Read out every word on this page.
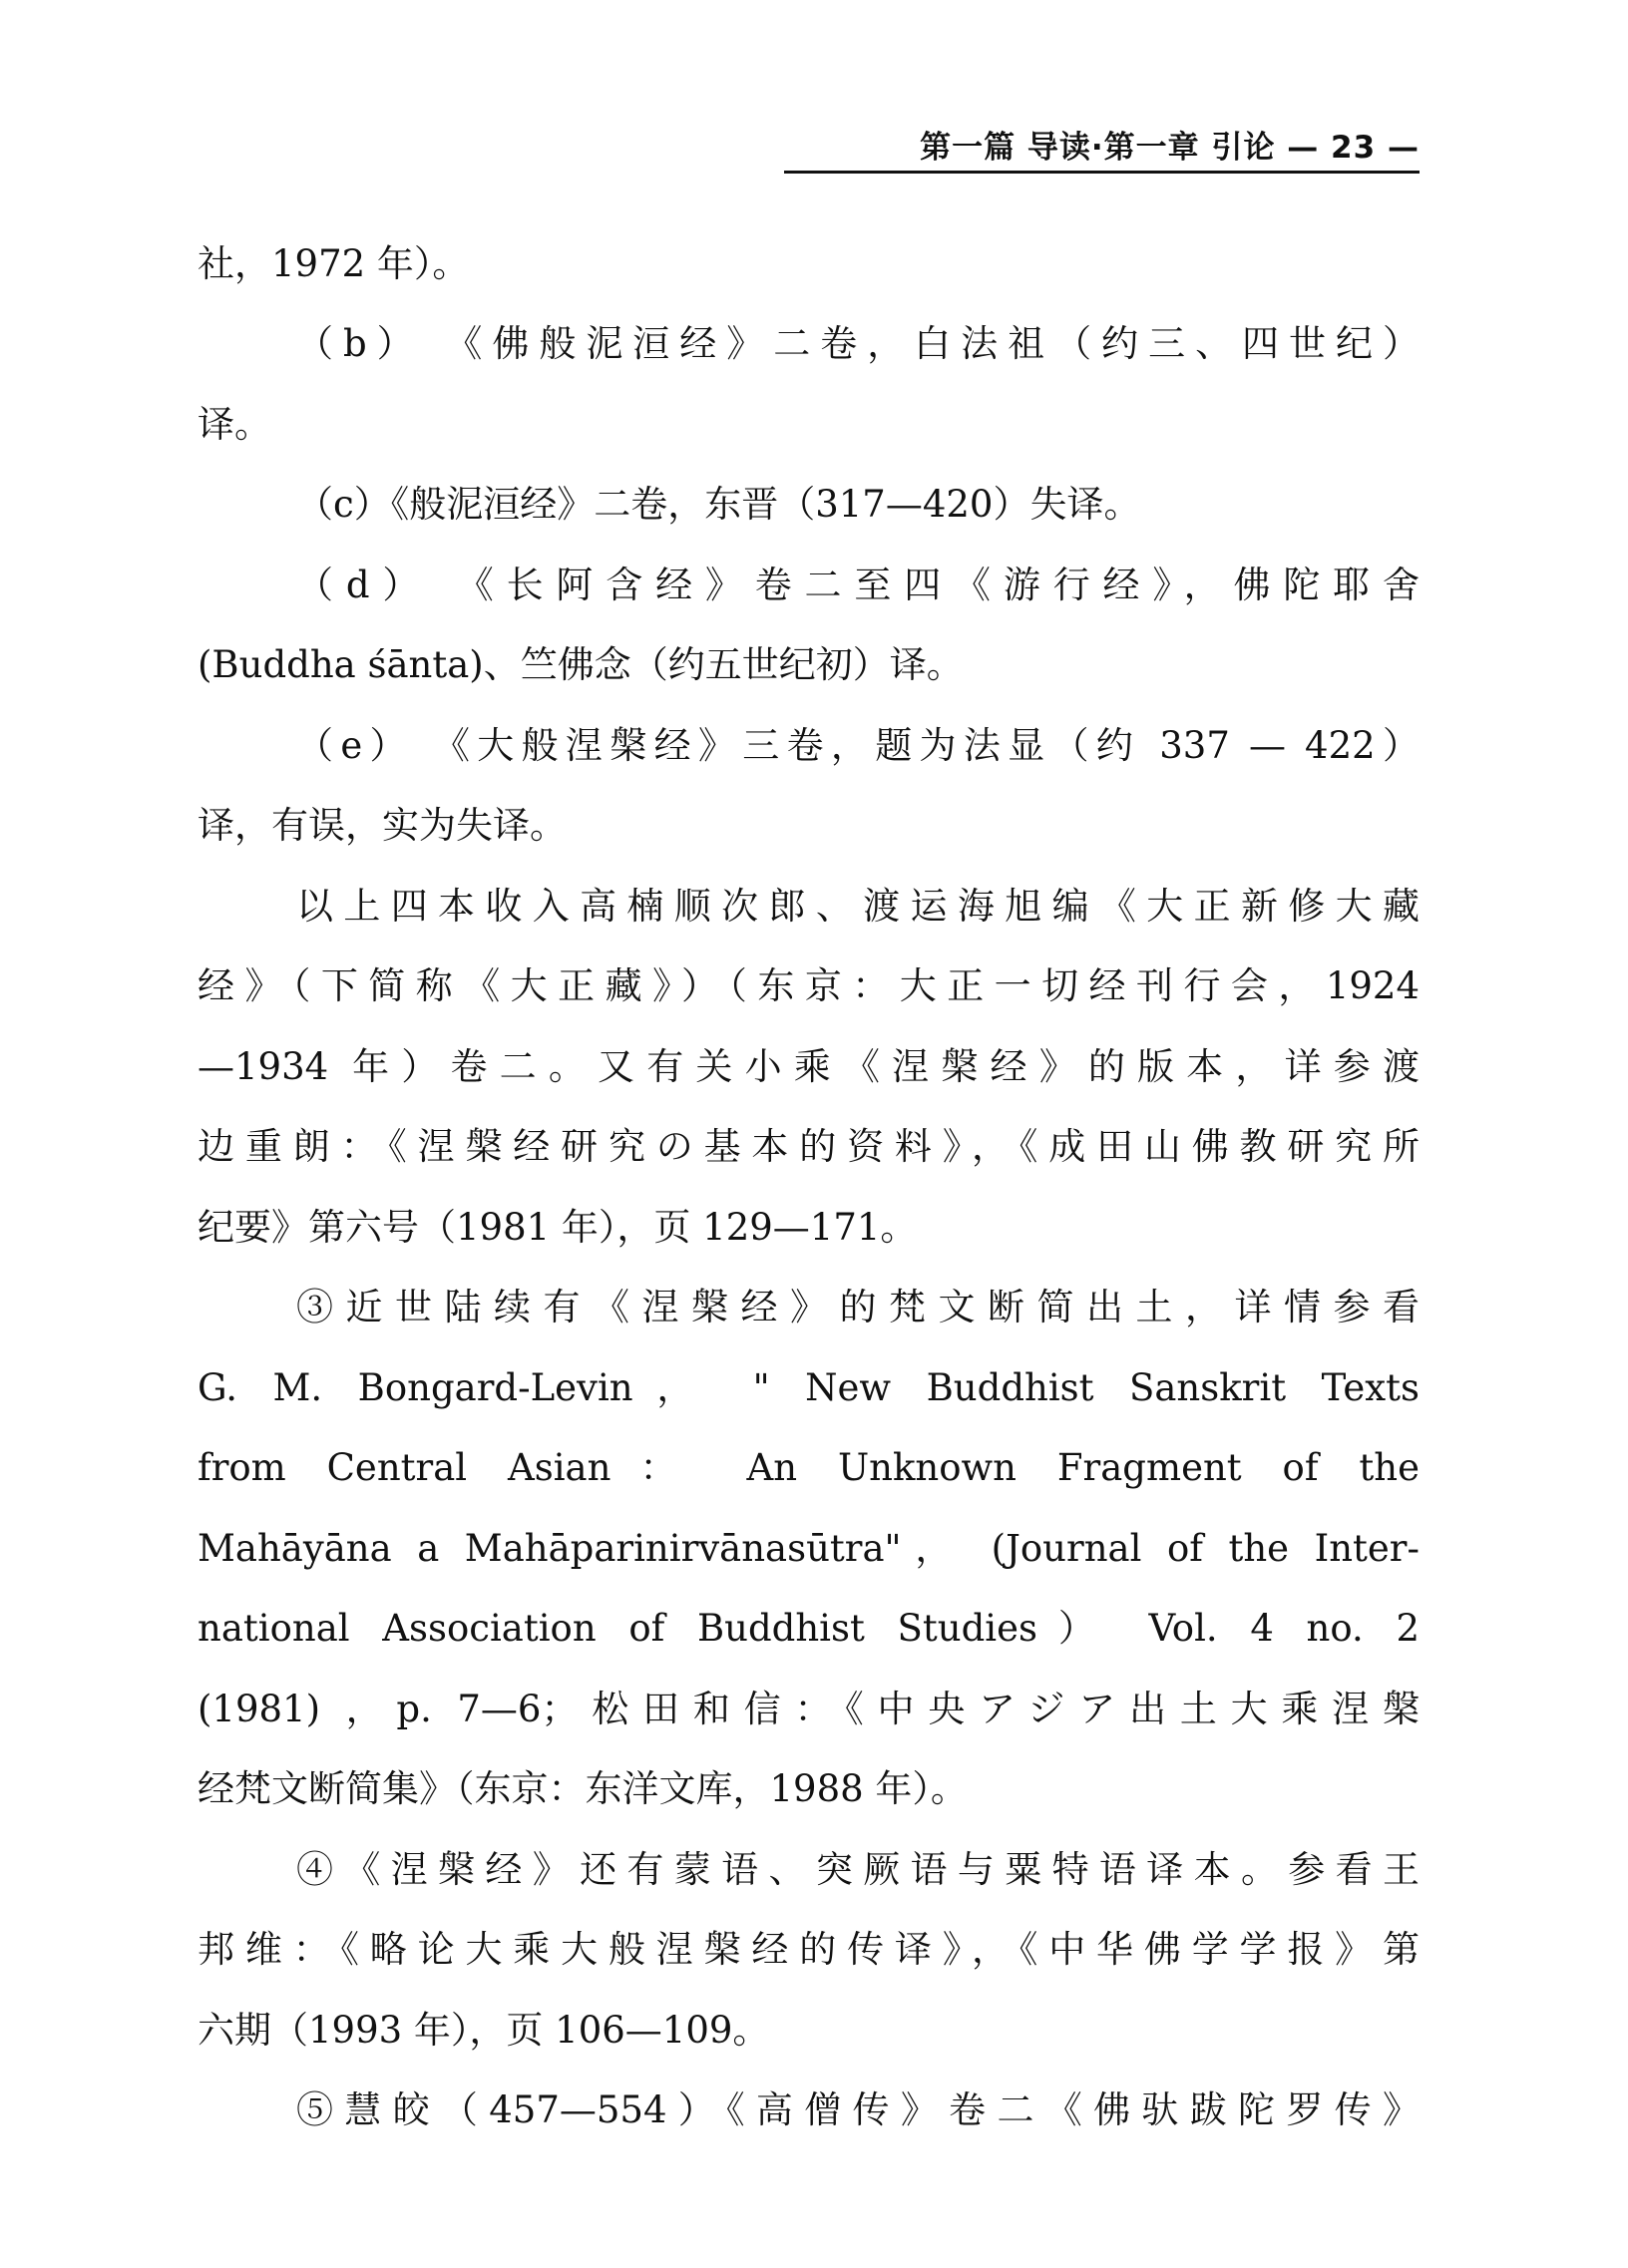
第一篇 导读·第一章 引论 — 23 —
社，1972 年）。
（b） 《佛般泥洹经》二卷，白法祖（约三、四世纪）
译。
（c）《般泥洹经》二卷，东晋（317—420）失译。
（d） 《长阿含经》卷二至四《游行经》，佛陀耶舍
(Buddha śānta)、竺佛念（约五世纪初）译。
（e） 《大般涅槃经》三卷，题为法显（约 337 — 422）
译，有误，实为失译。
以上四本收入高楠顺次郎、渡运海旭编《大正新修大藏
经》（下简称《大正藏》）（东京：大正一切经刊行会，1924
—1934 年）卷二。又有关小乘《涅槃经》的版本，详参渡
边重朗：《涅槃经研究の基本的资料》，《成田山佛教研究所
纪要》第六号（1981 年），页 129—171。
③近世陆续有《涅槃经》的梵文断简出土，详情参看
G. M. Bongard-Levin， " New Buddhist Sanskrit Texts
from Central Asian： An Unknown Fragment of the
Mahāyāna a Mahāparinirvānasūtra"， (Journal of the Inter-
national Association of Buddhist Studies） Vol. 4 no. 2
(1981) ，p. 7—6；松田和信：《中央アジア出土大乘涅槃
经梵文断简集》（东京：东洋文库，1988 年）。
④《涅槃经》还有蒙语、突厥语与粟特语译本。参看王
邦维：《略论大乘大般涅槃经的传译》，《中华佛学学报》第
六期（1993 年），页 106—109。
⑤慧皎（457—554）《高僧传》卷二《佛驮跋陀罗传》
